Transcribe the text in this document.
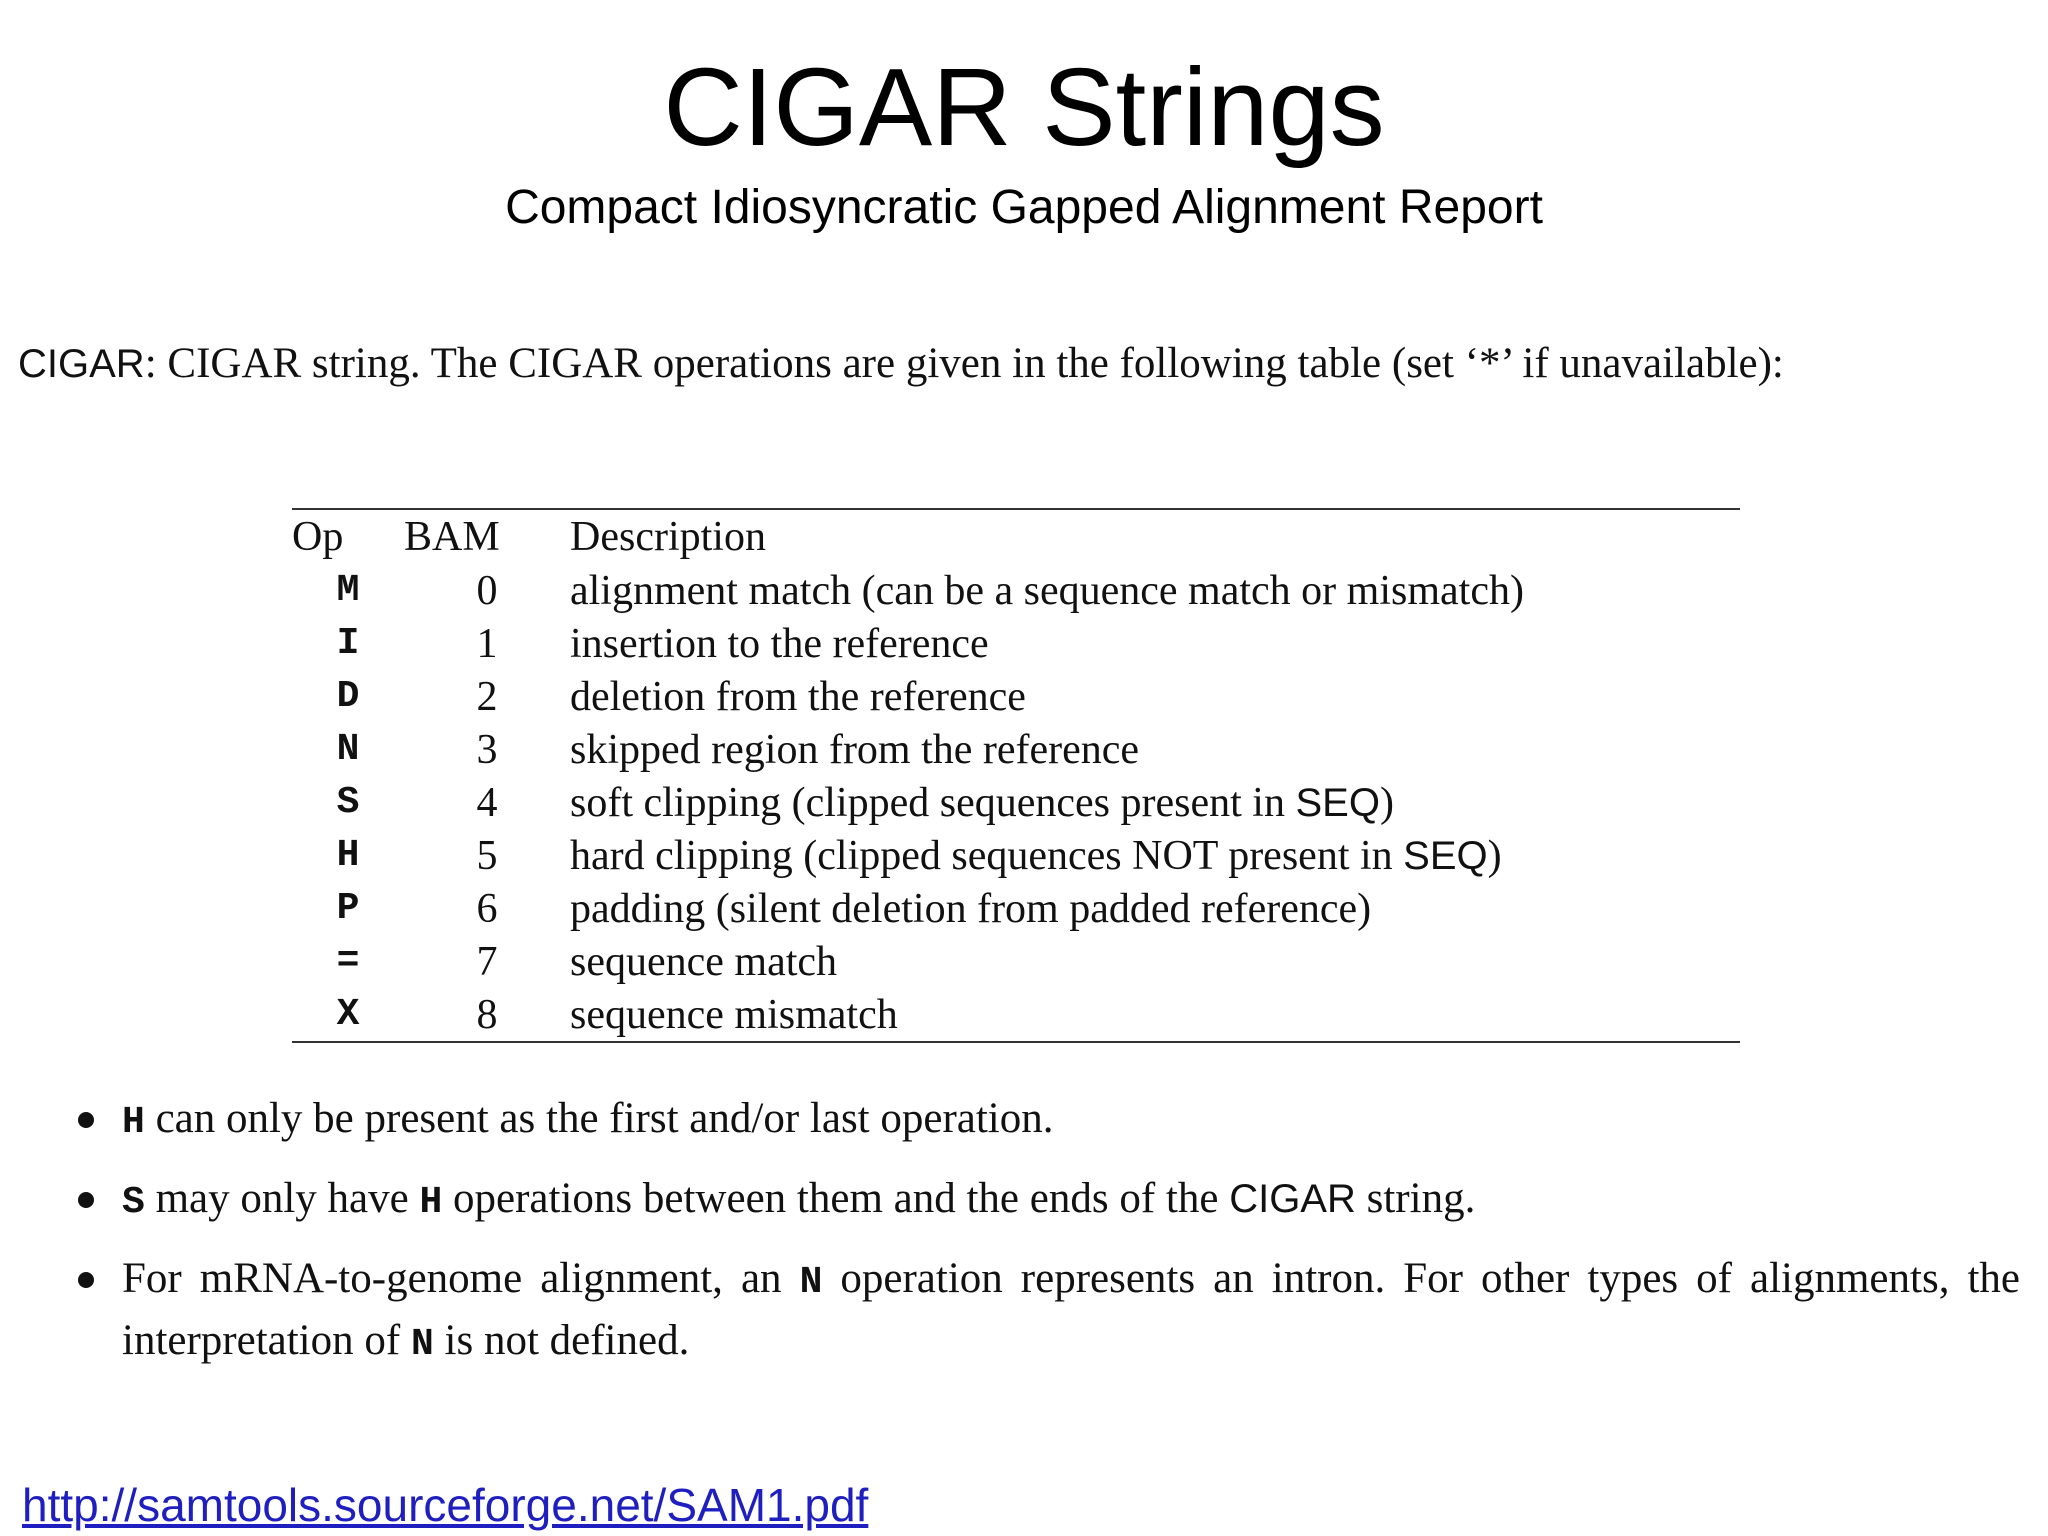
CIGAR Strings
Compact Idiosyncratic Gapped Alignment Report
CIGAR: CIGAR string. The CIGAR operations are given in the following table (set ‘*’ if unavailable):
Op	BAM	Description
M	0	alignment match (can be a sequence match or mismatch)
I	1	insertion to the reference
D	2	deletion from the reference
N	3	skipped region from the reference
S	4	soft clipping (clipped sequences present in SEQ)
H	5	hard clipping (clipped sequences NOT present in SEQ)
P	6	padding (silent deletion from padded reference)
=	7	sequence match
X	8	sequence mismatch
H can only be present as the first and/or last operation.
S may only have H operations between them and the ends of the CIGAR string.
For mRNA-to-genome alignment, an N operation represents an intron. For other types of alignments, the interpretation of N is not defined.
http://samtools.sourceforge.net/SAM1.pdf
